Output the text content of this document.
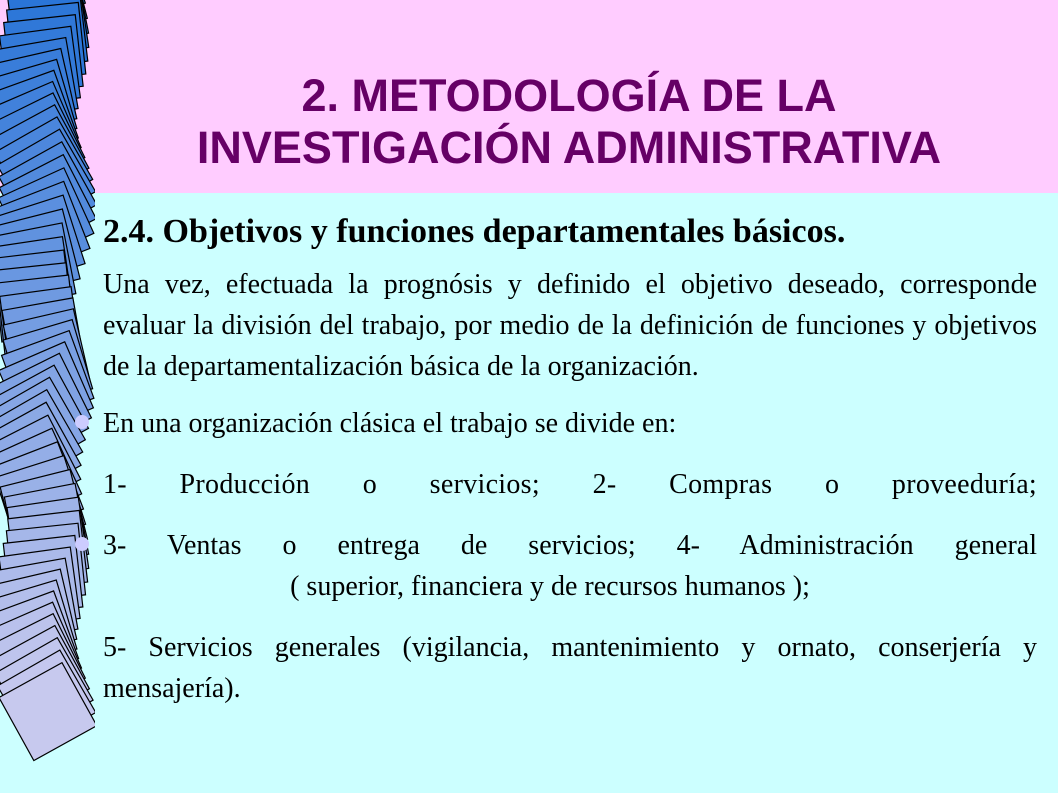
2. METODOLOGÍA DE LA
INVESTIGACIÓN ADMINISTRATIVA
2.4. Objetivos y funciones departamentales básicos.

Una vez, efectuada la prognósis y definido el objetivo deseado, corresponde evaluar la división del trabajo, por medio de la definición de funciones y objetivos de la departamentalización básica de la organización.

En una organización clásica el trabajo se divide en:

1- Producción o servicios; 2- Compras o proveeduría;

3- Ventas o entrega de servicios; 4- Administración general
( superior, financiera y de recursos humanos );

5- Servicios generales (vigilancia, mantenimiento y ornato, conserjería y mensajería).
